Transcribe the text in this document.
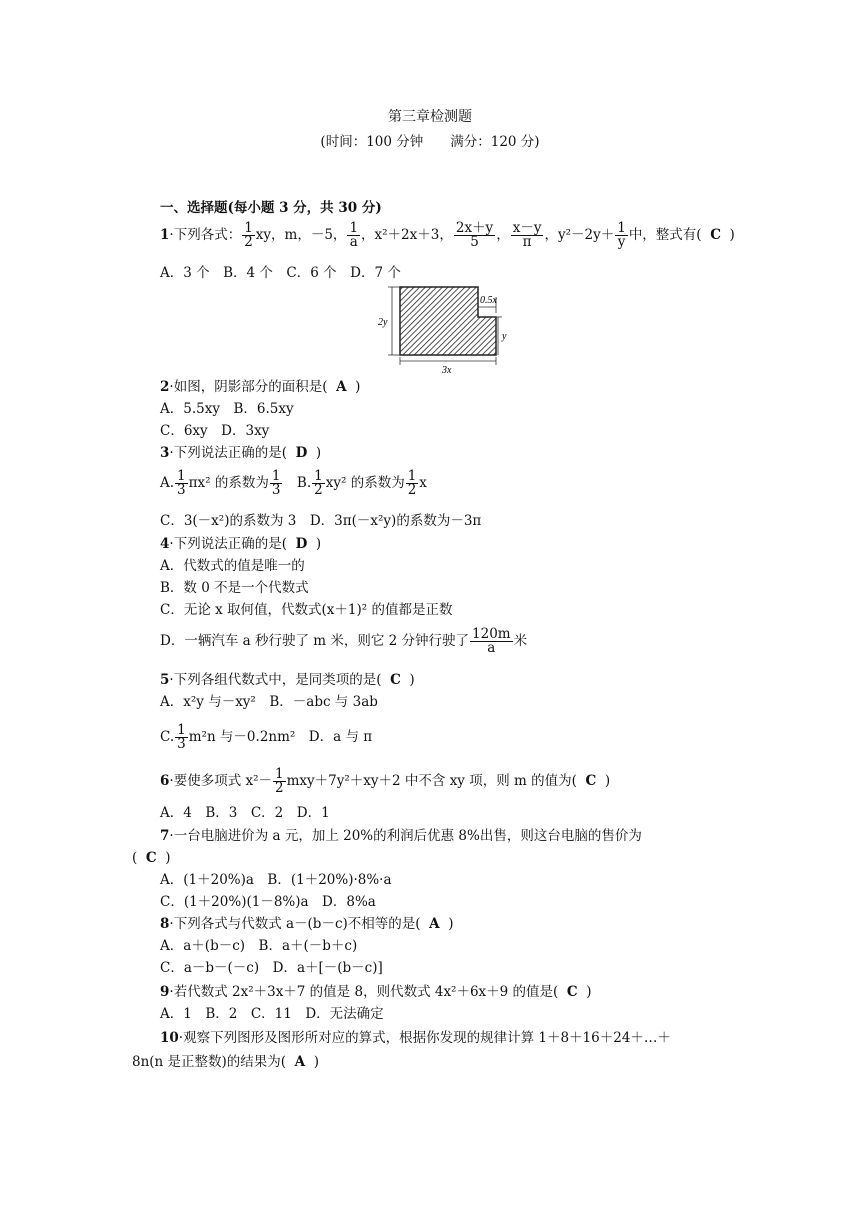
第三章检测题
(时间：100 分钟　　满分：120 分)
一、选择题(每小题 3 分，共 30 分)
1·下列各式： $\frac{1}{2}$ xy，m，－5， $\frac{1}{a}$ ，x²＋2x＋3， $\frac{2x+y}{5}$ ， $\frac{x-y}{\pi}$ ，$y^2-2y+ \frac{1}{y}$ 中，整式有( C )
A．3 个　B．4 个　C．6 个　D．7 个
2y
3x
0.5x
y
2·如图，阴影部分的面积是( A )
A．5.5xy　B．6.5xy
C．6xy　D．3xy
3·下列说法正确的是( D )
A. $\frac{1}{3} \pi x^2$ 的系数为 $\frac{1}{3}$ 　B. $\frac{1}{2} xy^2$ 的系数为 $\frac{1}{2}$ x
C．3(－x²)的系数为 3　D．3π(－x²y)的系数为－3π
4·下列说法正确的是( D )
A．代数式的值是唯一的
B．数 0 不是一个代数式
C．无论 x 取何值，代数式(x＋1)² 的值都是正数
D．一辆汽车 a 秒行驶了 m 米，则它 2 分钟行驶了 $\frac{120m}{a}$ 米
5·下列各组代数式中，是同类项的是( C )
A．x²y 与－xy²　B．－abc 与 3ab
C. $\frac{1}{3} m^2n$ 与－0.2nm²　D．a 与 π
6·要使多项式 $x^2- \frac{1}{2} mxy+7y^2+xy+2$ 中不含 xy 项，则 m 的值为( C )
A．4　B．3　C．2　D．1
7·一台电脑进价为 a 元，加上 20%的利润后优惠 8%出售，则这台电脑的售价为
( C )
A．(1＋20%)a　B．(1＋20%)·8%·a
C．(1＋20%)(1－8%)a　D．8%a
8·下列各式与代数式 a－(b－c)不相等的是( A )
A．a＋(b－c)　B．a＋(－b＋c)
C．a－b－(－c)　D．a＋[－(b－c)]
9·若代数式 2x²＋3x＋7 的值是 8，则代数式 4x²＋6x＋9 的值是( C )
A．1　B．2　C．11　D．无法确定
10·观察下列图形及图形所对应的算式，根据你发现的规律计算 1＋8＋16＋24＋…＋
8n(n 是正整数)的结果为( A )
